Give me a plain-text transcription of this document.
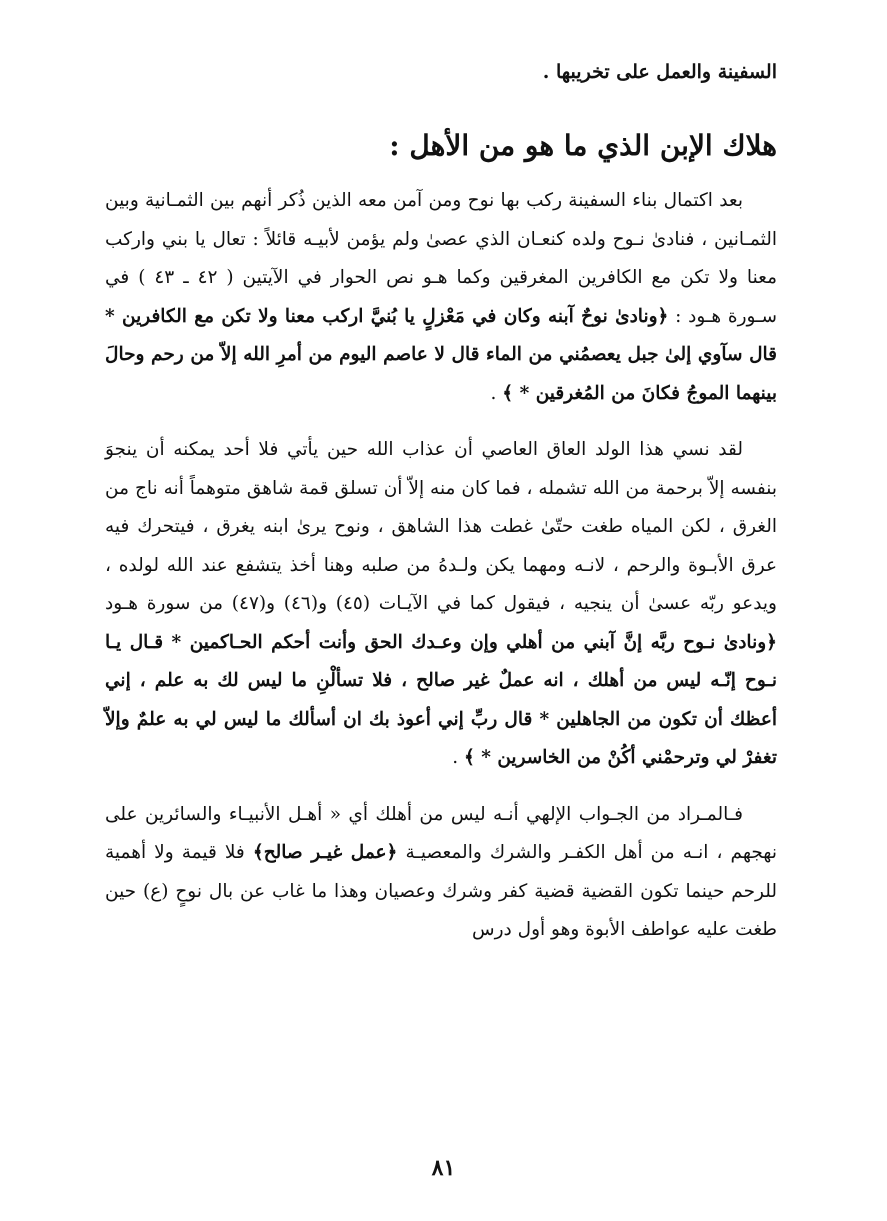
السفينة والعمل على تخريبها .
هلاك الإبن الذي ما هو من الأهل :

بعد اكتمال بناء السفينة ركب بها نوح ومن آمن معه الذين ذُكر أنهم بين الثمـانية وبين الثمـانين ، فنادىٰ نـوح ولده كنعـان الذي عصىٰ ولم يؤمن لأبيـه قائلاً : تعال يا بني واركب معنا ولا تكن مع الكافرين المغرقين وكما هـو نص الحوار في الآيتين ( ٤٢ ـ ٤٣ ) في سـورة هـود : ﴿ونادىٰ نوحٌ آبنه وكان في مَعْزلٍ يا بُنيَّ اركب معنا ولا تكن مع الكافرين * قال سآوي إلىٰ جبل يعصمُني من الماء قال لا عاصم اليوم من أمرِ الله إلاّ من رحم وحالَ بينهما الموجُ فكانَ من المُغرقين * ﴾ .

لقد نسي هذا الولد العاق العاصي أن عذاب الله حين يأتي فلا أحد يمكنه أن ينجوَ بنفسه إلاّ برحمة من الله تشمله ، فما كان منه إلاّ أن تسلق قمة شاهق متوهماً أنه ناج من الغرق ، لكن المياه طغت حتّىٰ غطت هذا الشاهق ، ونوح يرىٰ ابنه يغرق ، فيتحرك فيه عرق الأبـوة والرحم ، لانـه ومهما يكن ولـدهُ من صلبه وهنا أخذ يتشفع عند الله لولده ، ويدعو ربّه عسىٰ أن ينجيه ، فيقول كما في الآيـات (٤٥) و(٤٦) و(٤٧) من سورة هـود ﴿ونادىٰ نـوح ربَّه إنَّ آبني من أهلي وإن وعـدك الحق وأنت أحكم الحـاكمين * قـال يـا نـوح إنّـه ليس من أهلك ، انه عملٌ غير صالح ، فلا تسألْنِ ما ليس لك به علم ، إني أعظك أن تكون من الجاهلين * قال ربِّ إني أعوذ بك ان أسألك ما ليس لي به علمٌ وإلاّ تغفرْ لي وترحمْني أكُنْ من الخاسرين * ﴾ .

فـالمـراد من الجـواب الإلهي أنـه ليس من أهلك أي « أهـل الأنبيـاء والسائرين على نهجهم ، انـه من أهل الكفـر والشرك والمعصيـة ﴿عمل غيـر صالح﴾ فلا قيمة ولا أهمية للرحم حينما تكون القضية قضية كفر وشرك وعصيان وهذا ما غاب عن بال نوحٍ (ع) حين طغت عليه عواطف الأبوة وهو أول درس

٨١
